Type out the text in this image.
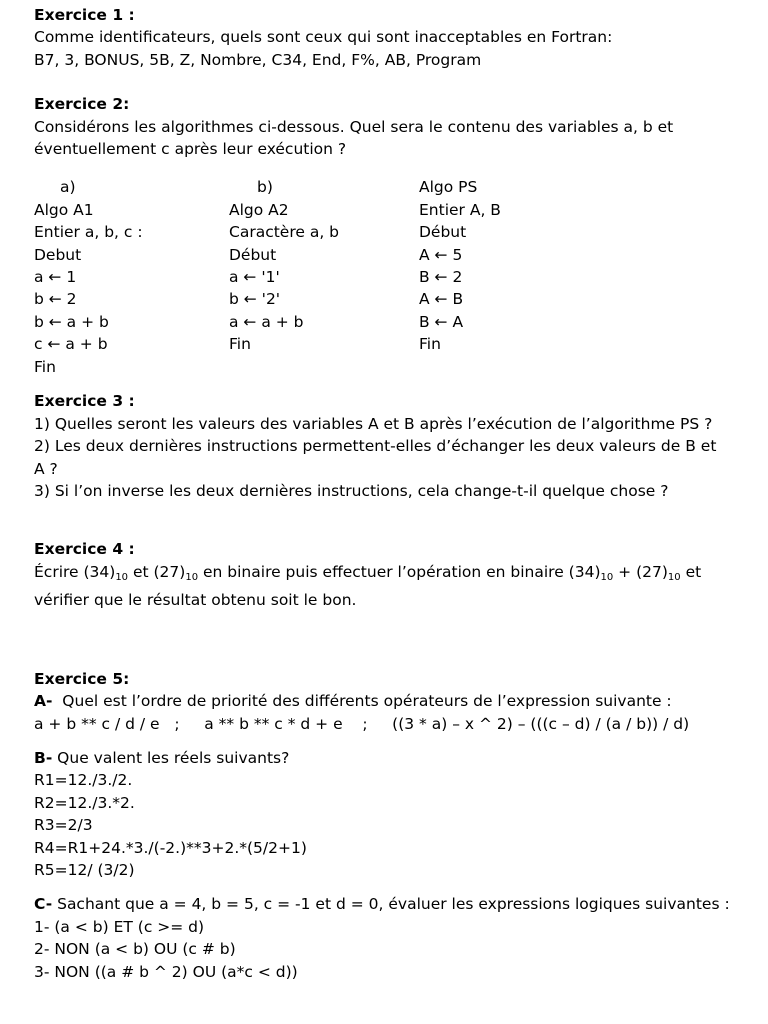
Exercice 1 :
Comme identificateurs, quels sont ceux qui sont inacceptables en Fortran:
B7, 3, BONUS, 5B, Z, Nombre, C34, End, F%, AB, Program
Exercice 2:
Considérons les algorithmes ci-dessous. Quel sera le contenu des variables a, b et
éventuellement c après leur exécution ?
a)
Algo A1
Entier a, b, c :
Debut
a ← 1
b ← 2
b ← a + b
c ← a + b
Fin
b)
Algo A2
Caractère a, b
Début
a ← '1'
b ← '2'
a ← a + b
Fin
Algo PS
Entier A, B
Début
A ← 5
B ← 2
A ← B
B ← A
Fin
Exercice 3 :
1) Quelles seront les valeurs des variables A et B après l’exécution de l’algorithme PS ?
2) Les deux dernières instructions permettent-elles d’échanger les deux valeurs de B et
A ?
3) Si l’on inverse les deux dernières instructions, cela change-t-il quelque chose ?
Exercice 4 :
Écrire $(34)_{10}$ et $(27)_{10}$ en binaire puis effectuer l’opération en binaire $(34)_{10} + (27)_{10}$ et
vérifier que le résultat obtenu soit le bon.
Exercice 5:
A-  Quel est l’ordre de priorité des différents opérateurs de l’expression suivante :
a + b ** c / d / e   ;     a ** b ** c * d + e    ;     ((3 * a) – x ^ 2) – (((c – d) / (a / b)) / d)
B- Que valent les réels suivants?
R1=12./3./2.
R2=12./3.*2.
R3=2/3
R4=R1+24.*3./(-2.)**3+2.*(5/2+1)
R5=12/ (3/2)
C- Sachant que a = 4, b = 5, c = -1 et d = 0, évaluer les expressions logiques suivantes :
1- (a < b) ET (c >= d)
2- NON (a < b) OU (c # b)
3- NON ((a # b ^ 2) OU (a*c < d))
